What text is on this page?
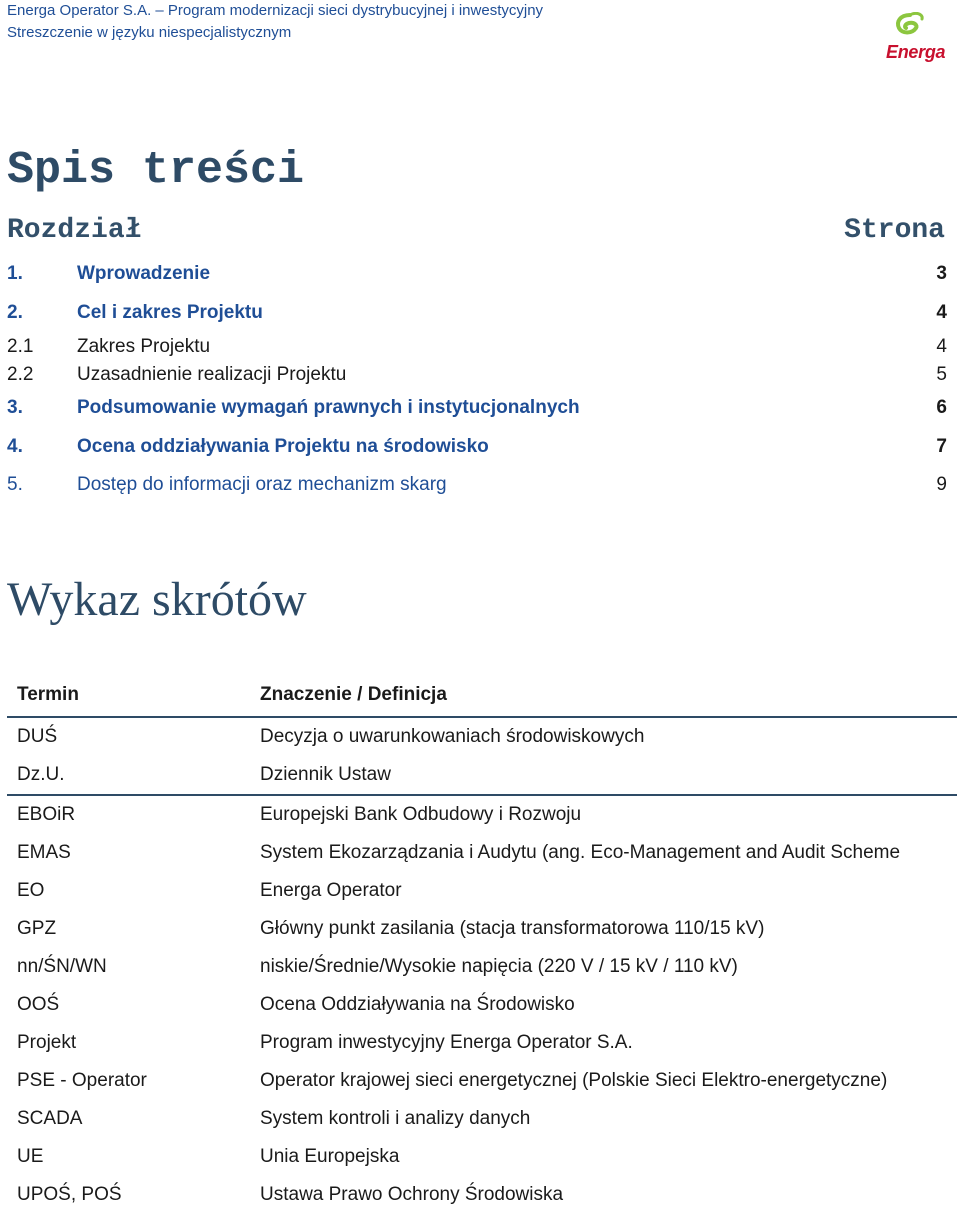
Energa Operator S.A. – Program modernizacji sieci dystrybucyjnej i inwestycyjny
Streszczenie w języku niespecjalistycznym
Energa
Spis treści
Rozdział	Strona
1.	Wprowadzenie	3
2.	Cel i zakres Projektu	4
2.1 Zakres Projektu	4
2.2 Uzasadnienie realizacji Projektu	5
3.	Podsumowanie wymagań prawnych i instytucjonalnych	6
4.	Ocena oddziaływania Projektu na środowisko	7
5.	Dostęp do informacji oraz mechanizm skarg	9
Wykaz skrótów
Termin	Znaczenie / Definicja
DUŚ	Decyzja o uwarunkowaniach środowiskowych
Dz.U.	Dziennik Ustaw
EBOiR	Europejski Bank Odbudowy i Rozwoju
EMAS	System Ekozarządzania i Audytu (ang. Eco-Management and Audit Scheme
EO	Energa Operator
GPZ	Główny punkt zasilania (stacja transformatorowa 110/15 kV)
nn/ŚN/WN	niskie/Średnie/Wysokie napięcia (220 V / 15 kV / 110 kV)
OOŚ	Ocena Oddziaływania na Środowisko
Projekt	Program inwestycyjny Energa Operator S.A.
PSE - Operator	Operator krajowej sieci energetycznej (Polskie Sieci Elektro-energetyczne)
SCADA	System kontroli i analizy danych
UE	Unia Europejska
UPOŚ, POŚ	Ustawa Prawo Ochrony Środowiska
